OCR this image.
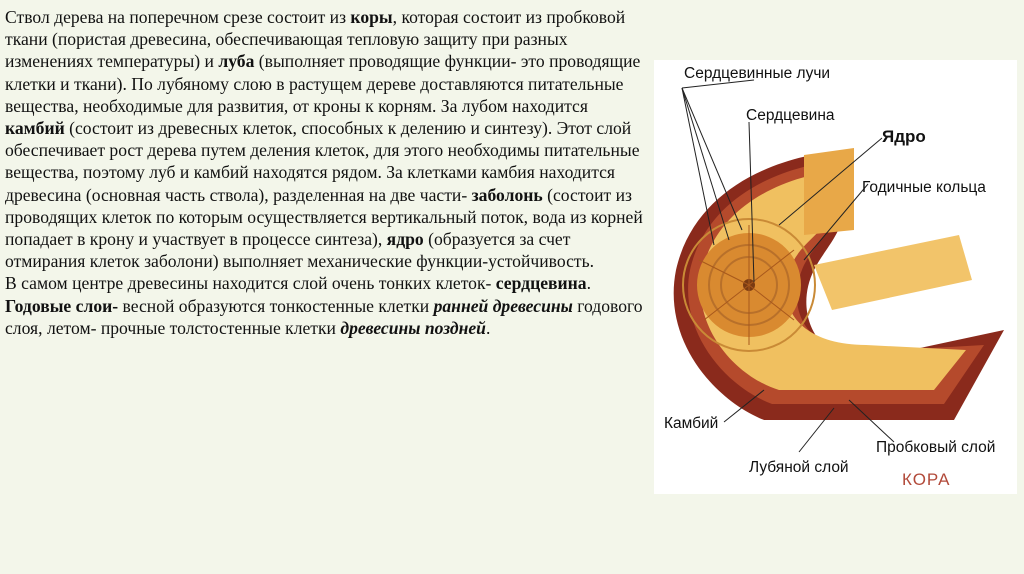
Ствол дерева на поперечном срезе состоит из коры, которая состоит из пробковой ткани (пористая древесина, обеспечивающая тепловую защиту при разных изменениях температуры) и луба (выполняет проводящие функции- это проводящие клетки и ткани). По лубяному слою в растущем дереве доставляются питательные вещества, необходимые для развития, от кроны к корням. За лубом находится камбий (состоит из древесных клеток, способных к делению и синтезу). Этот слой обеспечивает рост дерева путем деления клеток, для этого необходимы питательные вещества, поэтому луб и камбий находятся рядом. За клетками камбия находится древесина (основная часть ствола), разделенная на две части- заболонь (состоит из проводящих клеток по которым осуществляется вертикальный поток, вода из корней попадает в крону и участвует в процессе синтеза), ядро (образуется за счет отмирания клеток заболони) выполняет механические функции-устойчивость.

В самом центре древесины находится слой очень тонких клеток- сердцевина.

Годовые слои- весной образуются тонкостенные клетки ранней древесины годового слоя, летом- прочные толстостенные клетки древесины поздней.

Сердцевинные лучи
Сердцевина
Ядро
Годичные кольца
Камбий
Пробковый слой
Лубяной слой
КОРА
